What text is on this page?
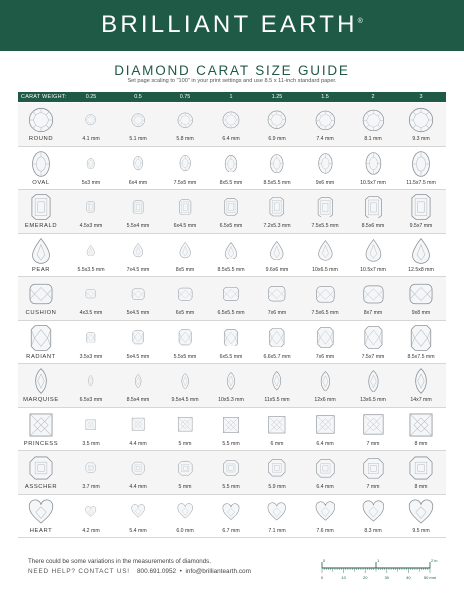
BRILLIANT EARTH®
DIAMOND CARAT SIZE GUIDE
Set page scaling to "100" in your print settings and use 8.5 x 11-inch standard paper.
CARAT WEIGHT:	0.25	0.5	0.75	1	1.25	1.5	2	3
ROUND	4.1 mm	5.1 mm	5.8 mm	6.4 mm	6.9 mm	7.4 mm	8.1 mm	9.3 mm
OVAL	5x3 mm	6x4 mm	7.5x5 mm	8x5.5 mm	8.5x5.5 mm	9x6 mm	10.5x7 mm	11.5x7.5 mm
EMERALD	4.5x3 mm	5.5x4 mm	6x4.5 mm	6.5x5 mm	7.2x5.3 mm	7.5x5.5 mm	8.5x6 mm	9.5x7 mm
PEAR	5.5x3.5 mm	7x4.5 mm	8x5 mm	8.5x5.5 mm	9.6x6 mm	10x6.5 mm	10.5x7 mm	12.5x8 mm
CUSHION	4x3.5 mm	5x4.5 mm	6x5 mm	6.5x5.5 mm	7x6 mm	7.5x6.5 mm	8x7 mm	9x8 mm
RADIANT	3.5x3 mm	5x4.5 mm	5.5x5 mm	6x5.5 mm	6.6x5.7 mm	7x6 mm	7.5x7 mm	8.5x7.5 mm
MARQUISE	6.5x3 mm	8.5x4 mm	9.5x4.5 mm	10x5.3 mm	11x5.5 mm	12x6 mm	13x6.5 mm	14x7 mm
PRINCESS	3.5 mm	4.4 mm	5 mm	5.5 mm	6 mm	6.4 mm	7 mm	8 mm
ASSCHER	3.7 mm	4.4 mm	5 mm	5.5 mm	5.9 mm	6.4 mm	7 mm	8 mm
HEART	4.2 mm	5.4 mm	6.0 mm	6.7 mm	7.1 mm	7.6 mm	8.3 mm	9.5 mm
There could be some variations in the measurements of diamonds.
NEED HELP? CONTACT US! 800.691.0952 • info@brilliantearth.com
0	1	2 in
0	10	20	30	40	50 mm
